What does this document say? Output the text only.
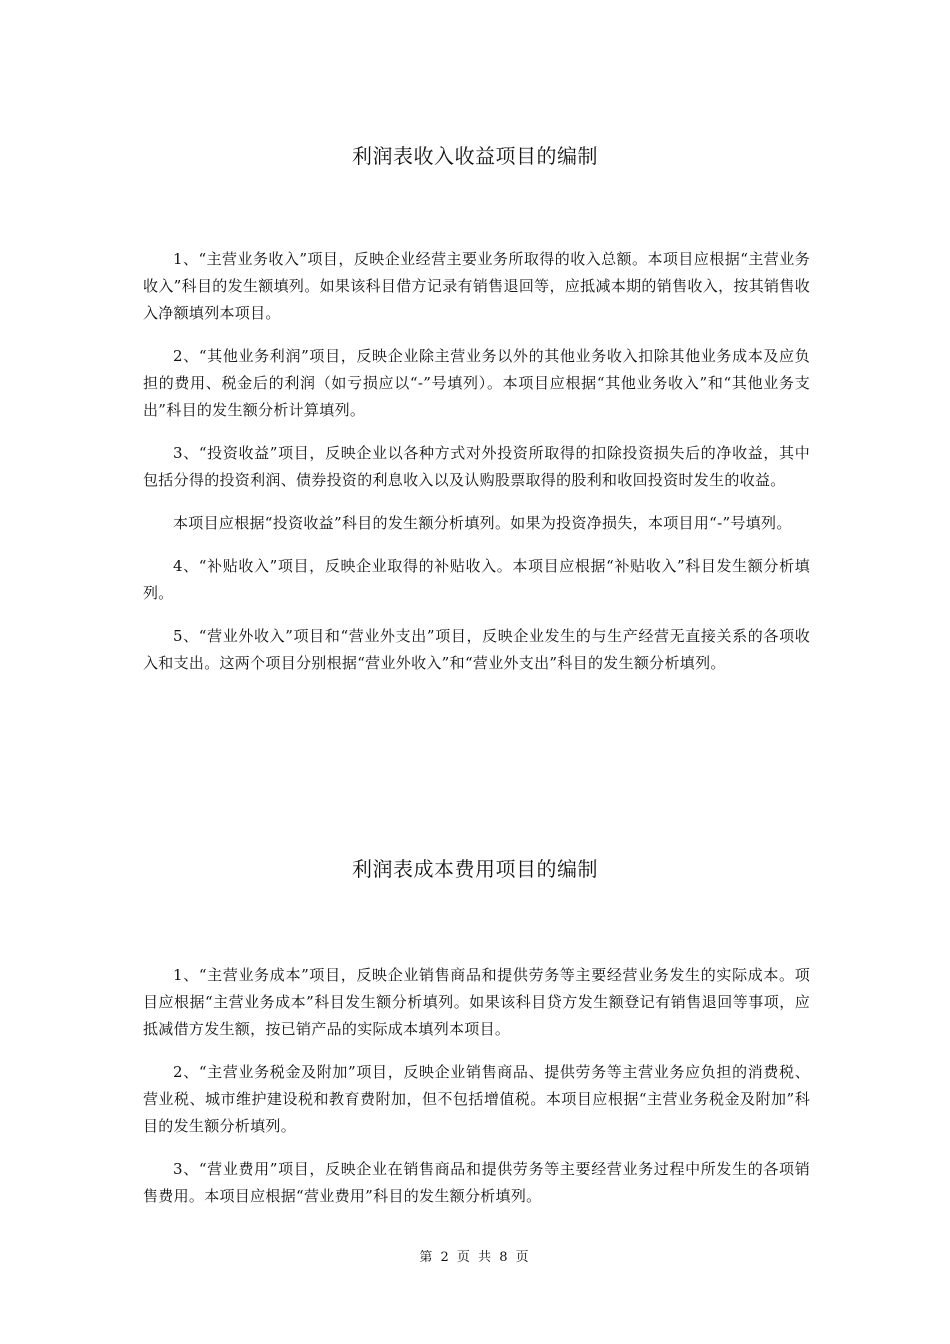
利润表收入收益项目的编制

1、“主营业务收入”项目，反映企业经营主要业务所取得的收入总额。本项目应根据“主营业务收入”科目的发生额填列。如果该科目借方记录有销售退回等，应抵减本期的销售收入，按其销售收入净额填列本项目。

2、“其他业务利润”项目，反映企业除主营业务以外的其他业务收入扣除其他业务成本及应负担的费用、税金后的利润（如亏损应以“-”号填列）。本项目应根据“其他业务收入”和“其他业务支出”科目的发生额分析计算填列。

3、“投资收益”项目，反映企业以各种方式对外投资所取得的扣除投资损失后的净收益，其中包括分得的投资利润、债券投资的利息收入以及认购股票取得的股利和收回投资时发生的收益。

本项目应根据“投资收益”科目的发生额分析填列。如果为投资净损失，本项目用“-”号填列。

4、“补贴收入”项目，反映企业取得的补贴收入。本项目应根据“补贴收入”科目发生额分析填列。

5、“营业外收入”项目和“营业外支出”项目，反映企业发生的与生产经营无直接关系的各项收入和支出。这两个项目分别根据“营业外收入”和“营业外支出”科目的发生额分析填列。

利润表成本费用项目的编制

1、“主营业务成本”项目，反映企业销售商品和提供劳务等主要经营业务发生的实际成本。项目应根据“主营业务成本”科目发生额分析填列。如果该科目贷方发生额登记有销售退回等事项，应抵减借方发生额，按已销产品的实际成本填列本项目。

2、“主营业务税金及附加”项目，反映企业销售商品、提供劳务等主营业务应负担的消费税、营业税、城市维护建设税和教育费附加，但不包括增值税。本项目应根据“主营业务税金及附加”科目的发生额分析填列。

3、“营业费用”项目，反映企业在销售商品和提供劳务等主要经营业务过程中所发生的各项销售费用。本项目应根据“营业费用”科目的发生额分析填列。

第 2 页 共 8 页
